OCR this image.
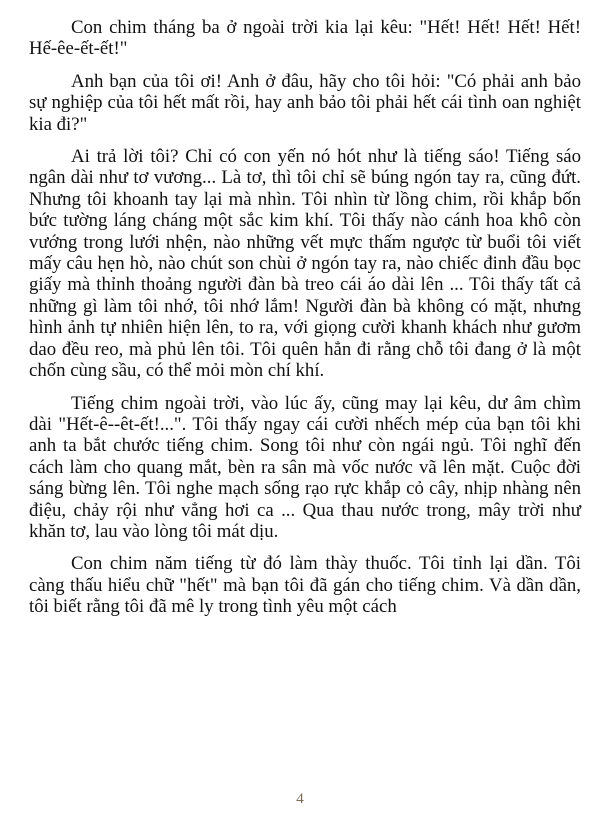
Con chim tháng ba ở ngoài trời kia lại kêu: "Hết! Hết! Hết! Hết! Hế-êe-ết-ết!"

Anh bạn của tôi ơi! Anh ở đâu, hãy cho tôi hỏi: "Có phải anh bảo sự nghiệp của tôi hết mất rồi, hay anh bảo tôi phải hết cái tình oan nghiệt kia đi?"

Ai trả lời tôi? Chỉ có con yến nó hót như là tiếng sáo! Tiếng sáo ngân dài như tơ vương... Là tơ, thì tôi chỉ sẽ búng ngón tay ra, cũng đứt. Nhưng tôi khoanh tay lại mà nhìn. Tôi nhìn từ lồng chim, rồi khắp bốn bức tường láng cháng một sắc kim khí. Tôi thấy nào cánh hoa khô còn vướng trong lưới nhện, nào những vết mực thấm ngược từ buổi tôi viết mấy câu hẹn hò, nào chút son chùi ở ngón tay ra, nào chiếc đinh đầu bọc giấy mà thỉnh thoảng người đàn bà treo cái áo dài lên ... Tôi thấy tất cả những gì làm tôi nhớ, tôi nhớ lắm! Người đàn bà không có mặt, nhưng hình ảnh tự nhiên hiện lên, to ra, với giọng cười khanh khách như gươm dao đều reo, mà phủ lên tôi. Tôi quên hẳn đi rằng chỗ tôi đang ở là một chốn cùng sầu, có thể mỏi mòn chí khí.

Tiếng chim ngoài trời, vào lúc ấy, cũng may lại kêu, dư âm chìm dài "Hết-ê--êt-ết!...". Tôi thấy ngay cái cười nhếch mép của bạn tôi khi anh ta bắt chước tiếng chim. Song tôi như còn ngái ngủ. Tôi nghĩ đến cách làm cho quang mắt, bèn ra sân mà vốc nước vã lên mặt. Cuộc đời sáng bừng lên. Tôi nghe mạch sống rạo rực khắp cỏ cây, nhịp nhàng nên điệu, chảy rội như vẳng hơi ca ... Qua thau nước trong, mây trời như khăn tơ, lau vào lòng tôi mát dịu.

Con chim năm tiếng từ đó làm thày thuốc. Tôi tỉnh lại dần. Tôi càng thấu hiểu chữ "hết" mà bạn tôi đã gán cho tiếng chim. Và dần dần, tôi biết rằng tôi đã mê ly trong tình yêu một cách

4
